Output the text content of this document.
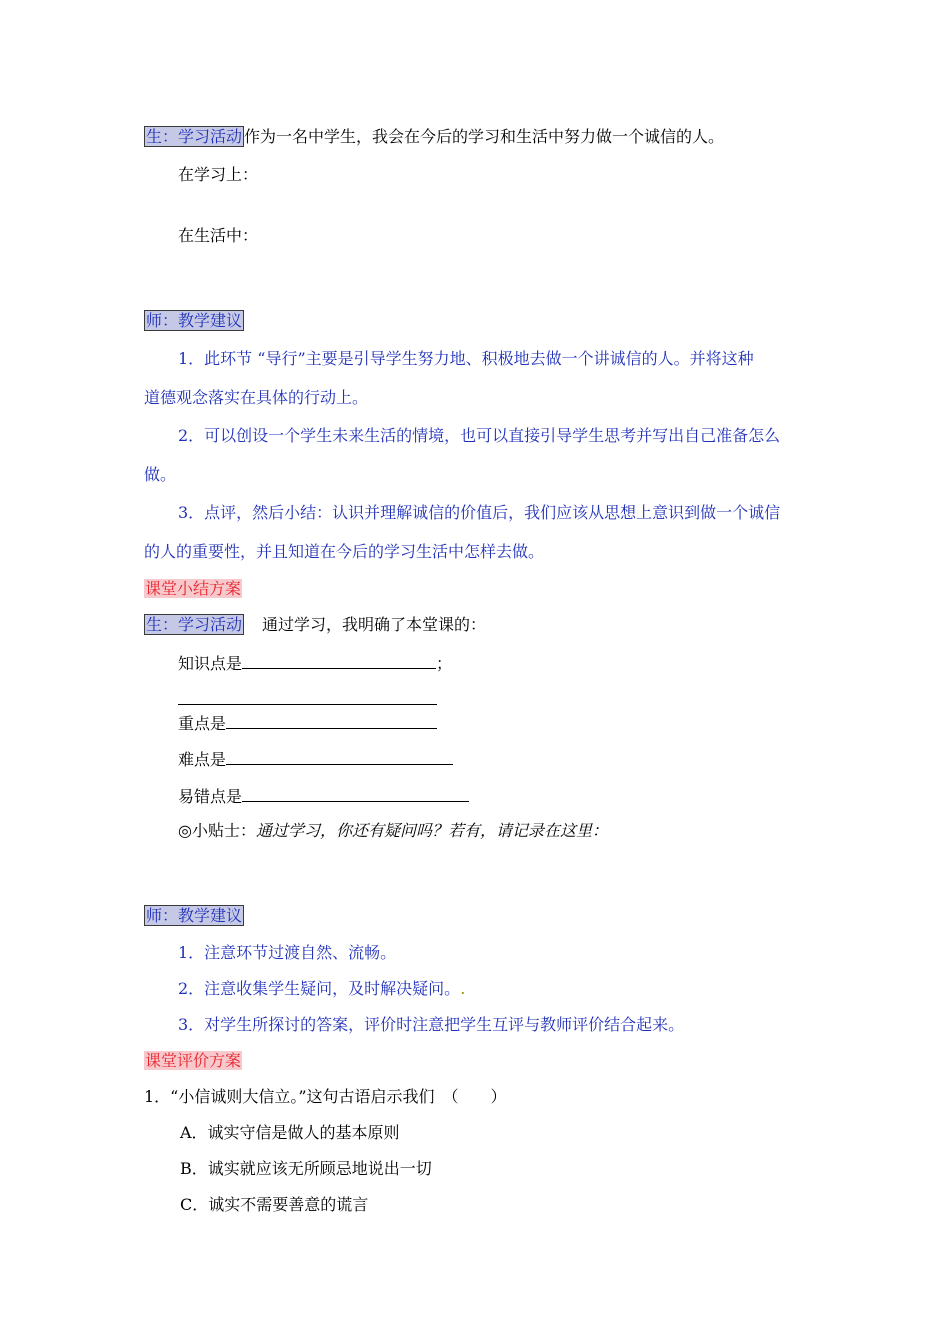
生：学习活动 作为一名中学生，我会在今后的学习和生活中努力做一个诚信的人。
在学习上：
在生活中：
师：教学建议
1．此环节 “导行”主要是引导学生努力地、积极地去做一个讲诚信的人。并将这种
道德观念落实在具体的行动上。
2．可以创设一个学生未来生活的情境，也可以直接引导学生思考并写出自己准备怎么
做。
3．点评，然后小结：认识并理解诚信的价值后，我们应该从思想上意识到做一个诚信
的人的重要性，并且知道在今后的学习生活中怎样去做。
课堂小结方案
生：学习活动 通过学习，我明确了本堂课的：
知识点是	；
重点是
难点是
易错点是
◎小贴士：通过学习，你还有疑问吗？若有，请记录在这里：
师：教学建议
1．注意环节过渡自然、流畅。
2．注意收集学生疑问，及时解决疑问。.
3．对学生所探讨的答案，评价时注意把学生互评与教师评价结合起来。
课堂评价方案
1．“小信诚则大信立。”这句古语启示我们　（　　）
A．诚实守信是做人的基本原则
B．诚实就应该无所顾忌地说出一切
C．诚实不需要善意的谎言
